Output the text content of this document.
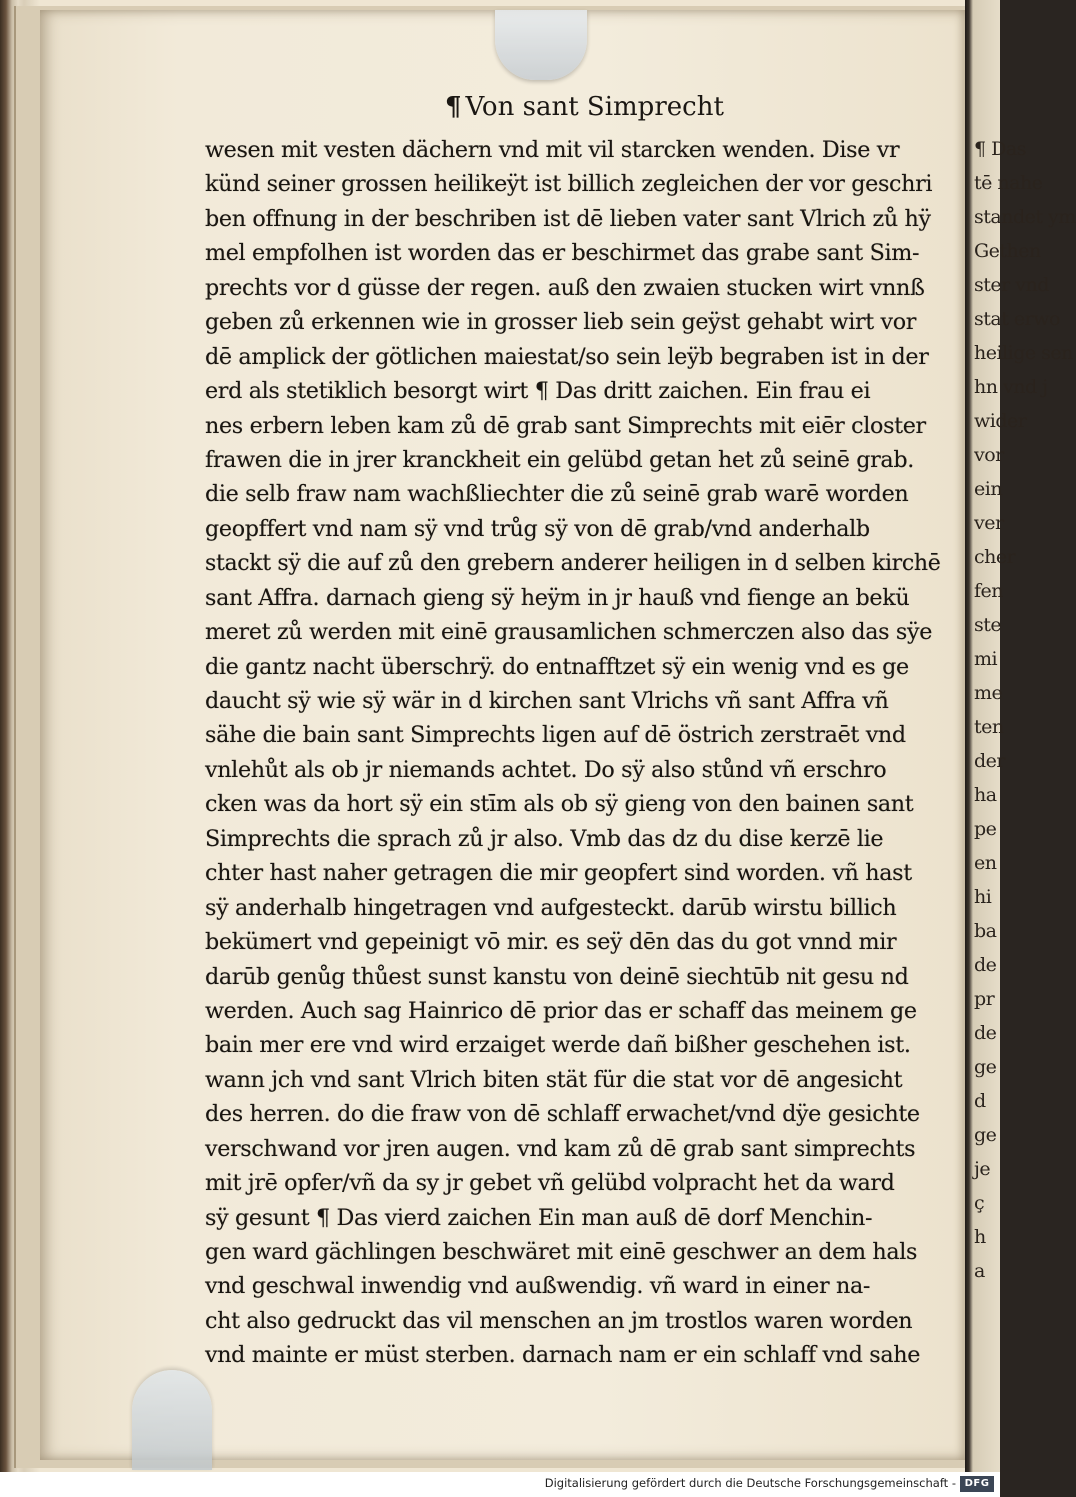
¶ Von sant Simprecht
wesen mit vesten dächern vnd mit vil starcken wenden. Dise vr
künd seiner grossen heilikeÿt ist billich zegleichen der vor geschri
ben offnung in der beschriben ist dē lieben vater sant Vlrich zů hÿ
mel empfolhen ist worden das er beschirmet das grabe sant Sim-
prechts vor d güsse der regen. auß den zwaien stucken wirt vnnß
geben zů erkennen wie in grosser lieb sein geÿst gehabt wirt vor
dē amplick der götlichen maiestat/so sein leÿb begraben ist in der
erd als stetiklich besorgt wirt ¶ Das dritt zaichen. Ein frau ei
nes erbern leben kam zů dē grab sant Simprechts mit eiēr closter
frawen die in jrer kranckheit ein gelübd getan het zů seinē grab.
die selb fraw nam wachßliechter die zů seinē grab warē worden
geopffert vnd nam sÿ vnd trůg sÿ von dē grab/vnd anderhalb
stackt sÿ die auf zů den grebern anderer heiligen in d selben kirchē
sant Affra. darnach gieng sÿ heÿm in jr hauß vnd fienge an bekü
meret zů werden mit einē grausamlichen schmerczen also das sÿe
die gantz nacht überschrÿ. do entnafftzet sÿ ein wenig vnd es ge
daucht sÿ wie sÿ wär in d kirchen sant Vlrichs vñ sant Affra vñ
sähe die bain sant Simprechts ligen auf dē östrich zerstraēt vnd
vnlehůt als ob jr niemands achtet. Do sÿ also stůnd vñ erschro
cken was da hort sÿ ein stīm als ob sÿ gieng von den bainen sant
Simprechts die sprach zů jr also. Vmb das dz du dise kerzē lie
chter hast naher getragen die mir geopfert sind worden. vñ hast
sÿ anderhalb hingetragen vnd aufgesteckt. darūb wirstu billich
bekümert vnd gepeinigt vō mir. es seÿ dēn das du got vnnd mir
darūb genůg thůest sunst kanstu von deinē siechtūb nit gesu nd
werden. Auch sag Hainrico dē prior das er schaff das meinem ge
bain mer ere vnd wird erzaiget werde dañ bißher geschehen ist.
wann jch vnd sant Vlrich biten stät für die stat vor dē angesicht
des herren. do die fraw von dē schlaff erwachet/vnd dÿe gesichte
verschwand vor jren augen. vnd kam zů dē grab sant simprechts
mit jrē opfer/vñ da sy jr gebet vñ gelübd volpracht het da ward
sÿ gesunt ¶ Das vierd zaichen Ein man auß dē dorf Menchin-
gen ward gächlingen beschwäret mit einē geschwer an dem hals
vnd geschwal inwendig vnd außwendig. vñ ward in einer na-
cht also gedruckt das vil menschen an jm trostlos waren worden
vnd mainte er müst sterben. darnach nam er ein schlaff vnd sahe
¶ Das
tē nahe
standet ym
Gethen
ster vnd
stat erwo
heilige sen
hn vnd j
wider
vor
ein
ver
cher
fen
ste
mi
me
ten
der
ha
pe
en
hi
ba
de
pr
de
ge
d
ge
je
ç
h
a
Digitalisierung gefördert durch die Deutsche Forschungsgemeinschaft - DFG
